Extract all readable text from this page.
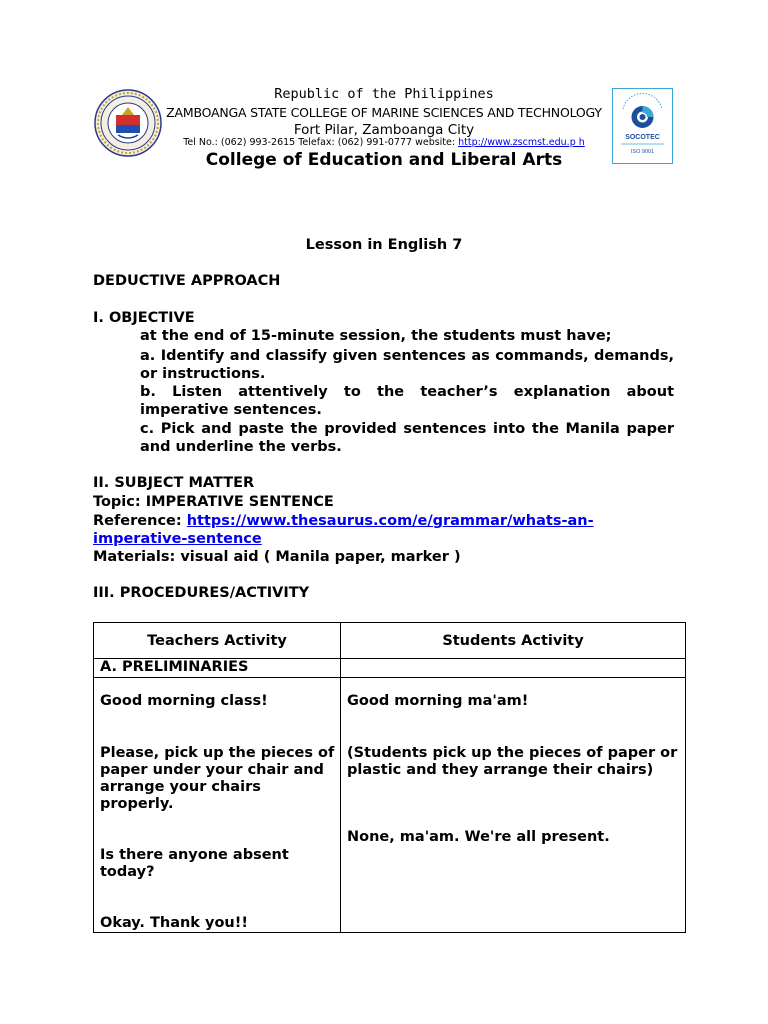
SOCOTEC
ISO 9001
Republic of the Philippines
ZAMBOANGA STATE COLLEGE OF MARINE SCIENCES AND TECHNOLOGY
Fort Pilar, Zamboanga City
Tel No.: (062) 993-2615 Telefax: (062) 991-0777 website: http://www.zscmst.edu.p h
College of Education and Liberal Arts
Lesson in English 7
DEDUCTIVE APPROACH
I. OBJECTIVE
at the end of 15-minute session, the students must have;
a. Identify and classify given sentences as commands, demands, or instructions.
b. Listen attentively to the teacher’s explanation about imperative sentences.
c. Pick and paste the provided sentences into the Manila paper and underline the verbs.
II. SUBJECT MATTER
Topic: IMPERATIVE SENTENCE
Reference: https://www.thesaurus.com/e/grammar/whats-an-
imperative-sentence
Materials: visual aid ( Manila paper, marker )
III. PROCEDURES/ACTIVITY
Teachers Activity	Students Activity
A. PRELIMINARIES
Good morning class!
Please, pick up the pieces of paper under your chair and arrange your chairs properly.
Is there anyone absent today?
Okay. Thank you!!
Good morning ma'am!
(Students pick up the pieces of paper or plastic and they arrange their chairs)
None, ma'am. We're all present.
